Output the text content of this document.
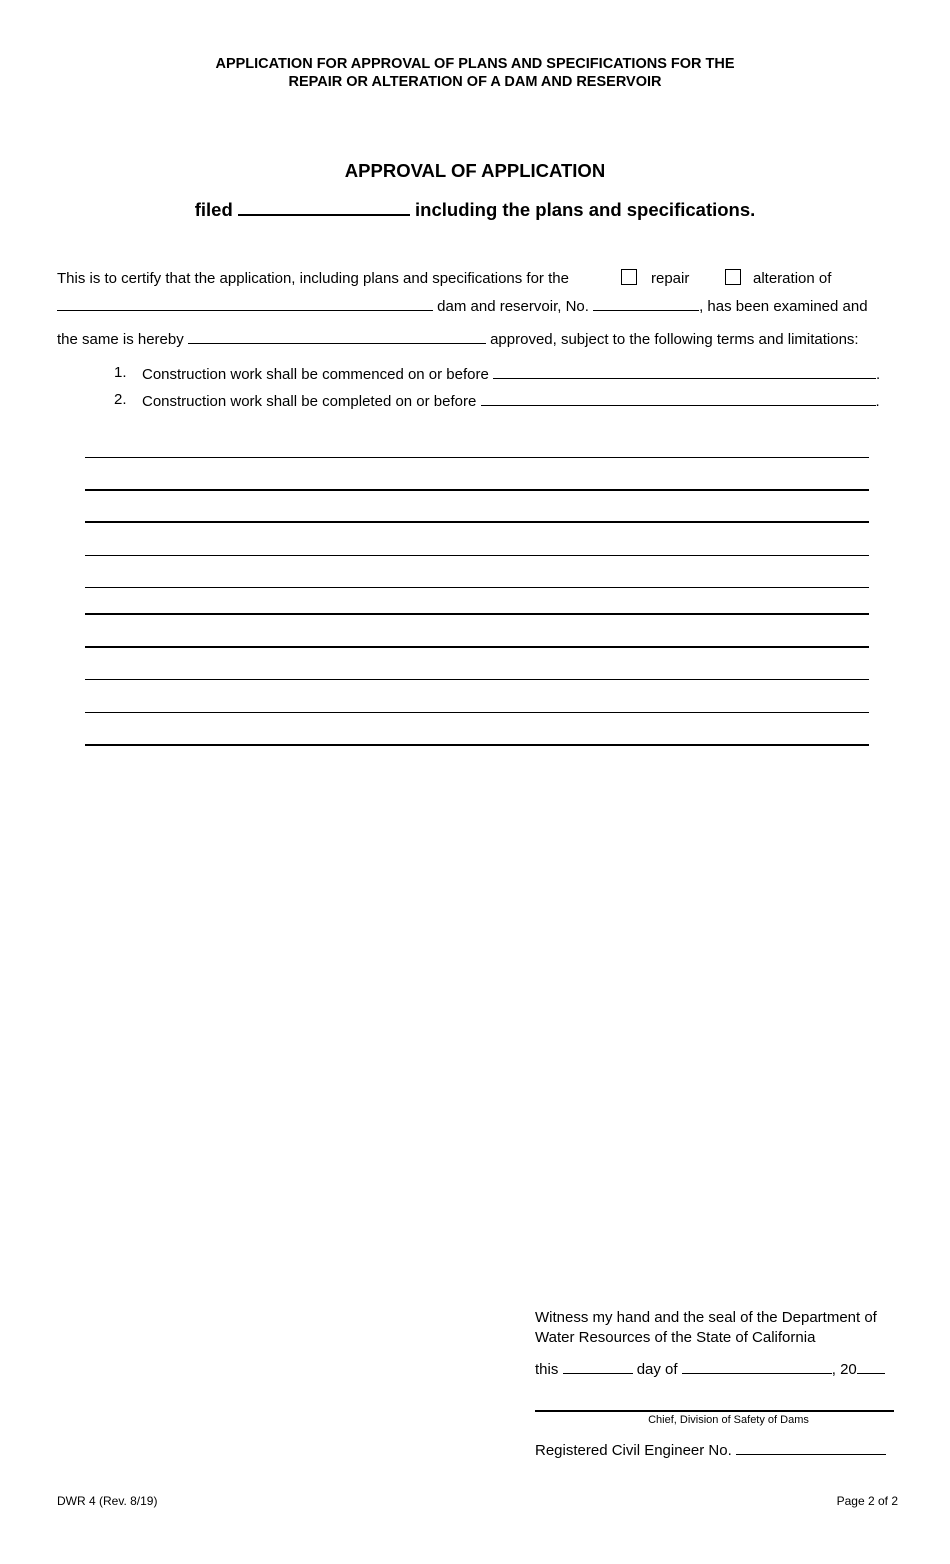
APPLICATION FOR APPROVAL OF PLANS AND SPECIFICATIONS FOR THE
REPAIR OR ALTERATION OF A DAM AND RESERVOIR
APPROVAL OF APPLICATION
filed	including the plans and specifications.
This is to certify that the application, including plans and specifications for the	repair	alteration of
dam and reservoir, No.	, has been examined and
the same is hereby	approved, subject to the following terms and limitations:
1. Construction work shall be commenced on or before	.
2. Construction work shall be completed on or before	.
Witness my hand and the seal of the Department of
Water Resources of the State of California
this	day of	, 20
Chief, Division of Safety of Dams
Registered Civil Engineer No.
DWR 4 (Rev. 8/19)	Page 2 of 2
